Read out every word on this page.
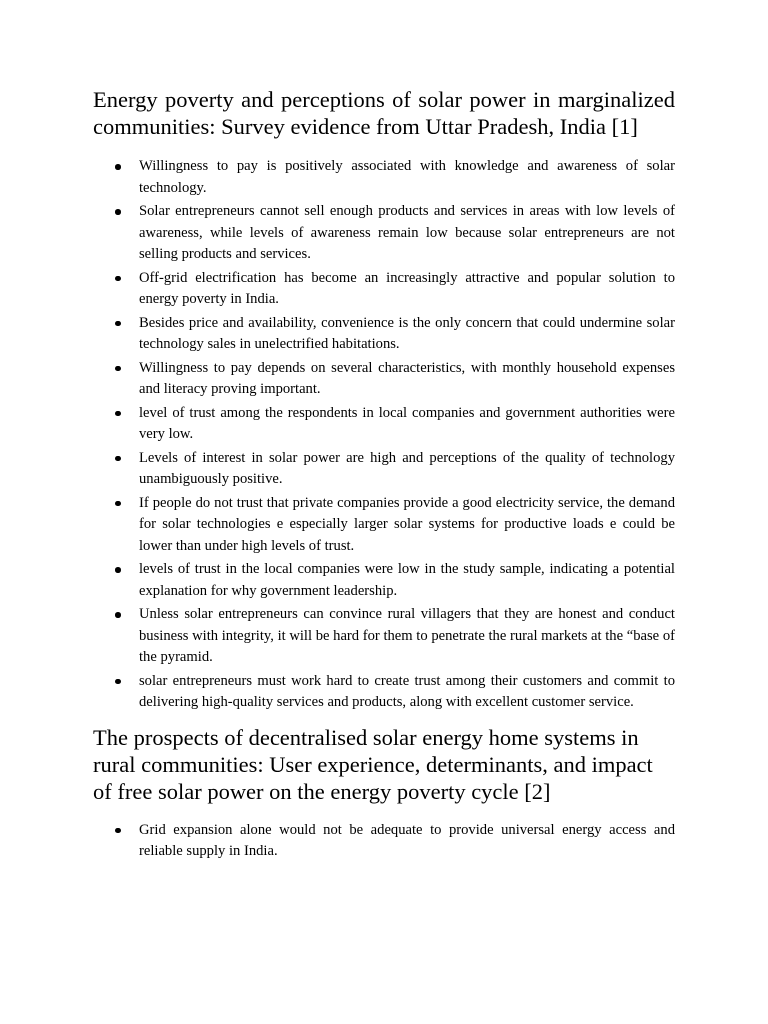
Energy poverty and perceptions of solar power in marginalized communities: Survey evidence from Uttar Pradesh, India [1]
Willingness to pay is positively associated with knowledge and awareness of solar technology.
Solar entrepreneurs cannot sell enough products and services in areas with low levels of awareness, while levels of awareness remain low because solar entrepreneurs are not selling products and services.
Off-grid electrification has become an increasingly attractive and popular solution to energy poverty in India.
Besides price and availability, convenience is the only concern that could undermine solar technology sales in unelectrified habitations.
Willingness to pay depends on several characteristics, with monthly household expenses and literacy proving important.
level of trust among the respondents in local companies and government authorities were very low.
Levels of interest in solar power are high and perceptions of the quality of technology unambiguously positive.
If people do not trust that private companies provide a good electricity service, the demand for solar technologies e especially larger solar systems for productive loads e could be lower than under high levels of trust.
levels of trust in the local companies were low in the study sample, indicating a potential explanation for why government leadership.
Unless solar entrepreneurs can convince rural villagers that they are honest and conduct business with integrity, it will be hard for them to penetrate the rural markets at the “base of the pyramid.
solar entrepreneurs must work hard to create trust among their customers and commit to delivering high-quality services and products, along with excellent customer service.
The prospects of decentralised solar energy home systems in rural communities: User experience, determinants, and impact of free solar power on the energy poverty cycle [2]
Grid expansion alone would not be adequate to provide universal energy access and reliable supply in India.
